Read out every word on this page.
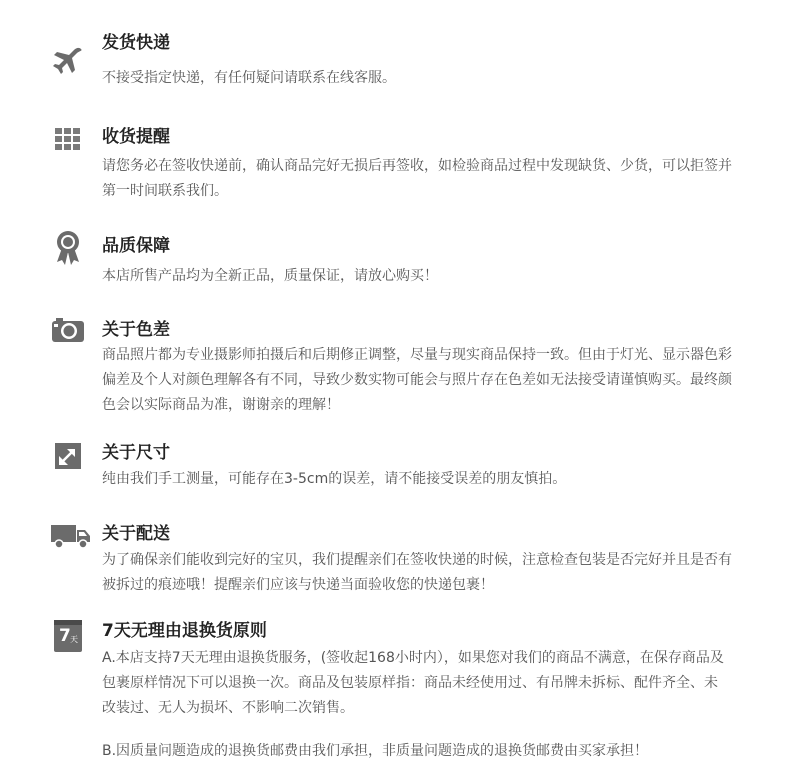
发货快递

不接受指定快递，有任何疑问请联系在线客服。

收货提醒

请您务必在签收快递前，确认商品完好无损后再签收，如检验商品过程中发现缺货、少货，可以拒签并第一时间联系我们。

品质保障

本店所售产品均为全新正品，质量保证，请放心购买！

关于色差

商品照片都为专业摄影师拍摄后和后期修正调整，尽量与现实商品保持一致。但由于灯光、显示器色彩偏差及个人对颜色理解各有不同，导致少数实物可能会与照片存在色差如无法接受请谨慎购买。最终颜色会以实际商品为准，谢谢亲的理解！

关于尺寸

纯由我们手工测量，可能存在3-5cm的误差，请不能接受误差的朋友慎拍。

关于配送

为了确保亲们能收到完好的宝贝，我们提醒亲们在签收快递的时候，注意检查包装是否完好并且是否有被拆过的痕迹哦！提醒亲们应该与快递当面验收您的快递包裹！

7 天 7天无理由退换货原则

A.本店支持7天无理由退换货服务，(签收起168小时内），如果您对我们的商品不满意，在保存商品及包裹原样情况下可以退换一次。商品及包装原样指：商品未经使用过、有吊牌未拆标、配件齐全、未改装过、无人为损坏、不影响二次销售。

B.因质量问题造成的退换货邮费由我们承担，非质量问题造成的退换货邮费由买家承担！
